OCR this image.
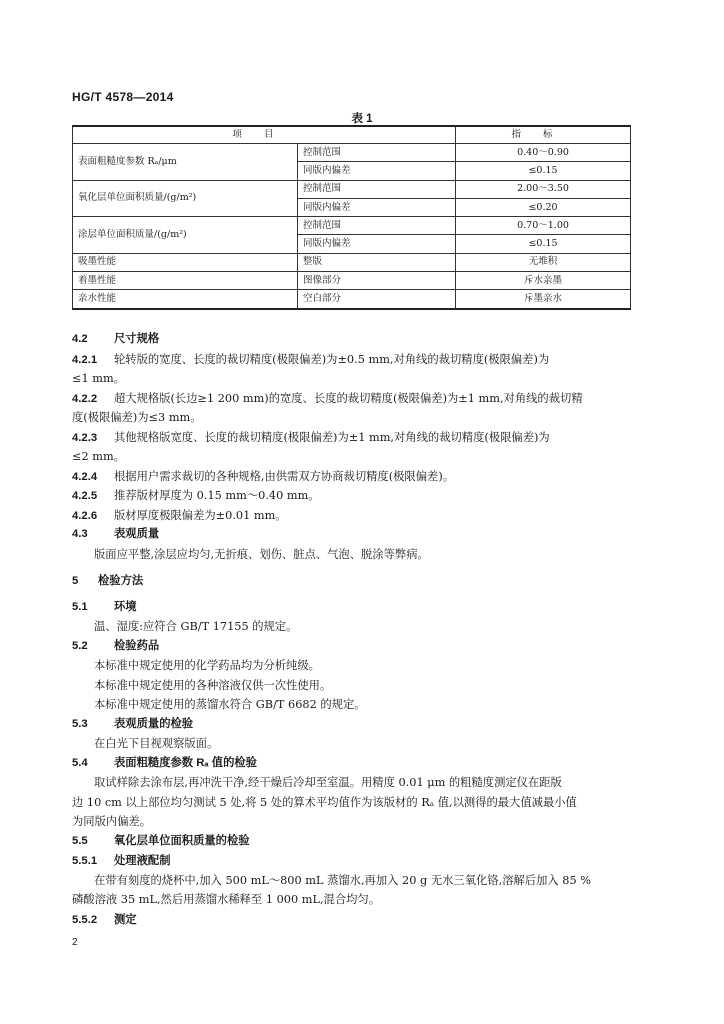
HG/T 4578—2014
表 1
项目		指标
表面粗糙度参数 Rₐ/μm	控制范围	0.40～0.90
	同版内偏差	≤0.15
氧化层单位面积质量/(g/m²)	控制范围	2.00～3.50
	同版内偏差	≤0.20
涂层单位面积质量/(g/m²)	控制范围	0.70～1.00
	同版内偏差	≤0.15
吸墨性能	整版	无堆积
着墨性能	图像部分	斥水亲墨
亲水性能	空白部分	斥墨亲水
4.2 尺寸规格
4.2.1 轮转版的宽度、长度的裁切精度(极限偏差)为±0.5 mm,对角线的裁切精度(极限偏差)为
≤1 mm。
4.2.2 超大规格版(长边≥1 200 mm)的宽度、长度的裁切精度(极限偏差)为±1 mm,对角线的裁切精
度(极限偏差)为≤3 mm。
4.2.3 其他规格版宽度、长度的裁切精度(极限偏差)为±1 mm,对角线的裁切精度(极限偏差)为
≤2 mm。
4.2.4 根据用户需求裁切的各种规格,由供需双方协商裁切精度(极限偏差)。
4.2.5 推荐版材厚度为 0.15 mm～0.40 mm。
4.2.6 版材厚度极限偏差为±0.01 mm。
4.3 表观质量
版面应平整,涂层应均匀,无折痕、划伤、脏点、气泡、脱涂等弊病。
5 检验方法
5.1 环境
温、湿度:应符合 GB/T 17155 的规定。
5.2 检验药品
本标准中规定使用的化学药品均为分析纯级。
本标准中规定使用的各种溶液仅供一次性使用。
本标准中规定使用的蒸馏水符合 GB/T 6682 的规定。
5.3 表观质量的检验
在白光下目视观察版面。
5.4 表面粗糙度参数 Rₐ 值的检验
取试样除去涂布层,再冲洗干净,经干燥后冷却至室温。用精度 0.01 μm 的粗糙度测定仪在距版
边 10 cm 以上部位均匀测试 5 处,将 5 处的算术平均值作为该版材的 Rₐ 值,以测得的最大值减最小值
为同版内偏差。
5.5 氧化层单位面积质量的检验
5.5.1 处理液配制
在带有刻度的烧杯中,加入 500 mL～800 mL 蒸馏水,再加入 20 g 无水三氧化铬,溶解后加入 85 %
磷酸溶液 35 mL,然后用蒸馏水稀释至 1 000 mL,混合均匀。
5.5.2 测定
2
